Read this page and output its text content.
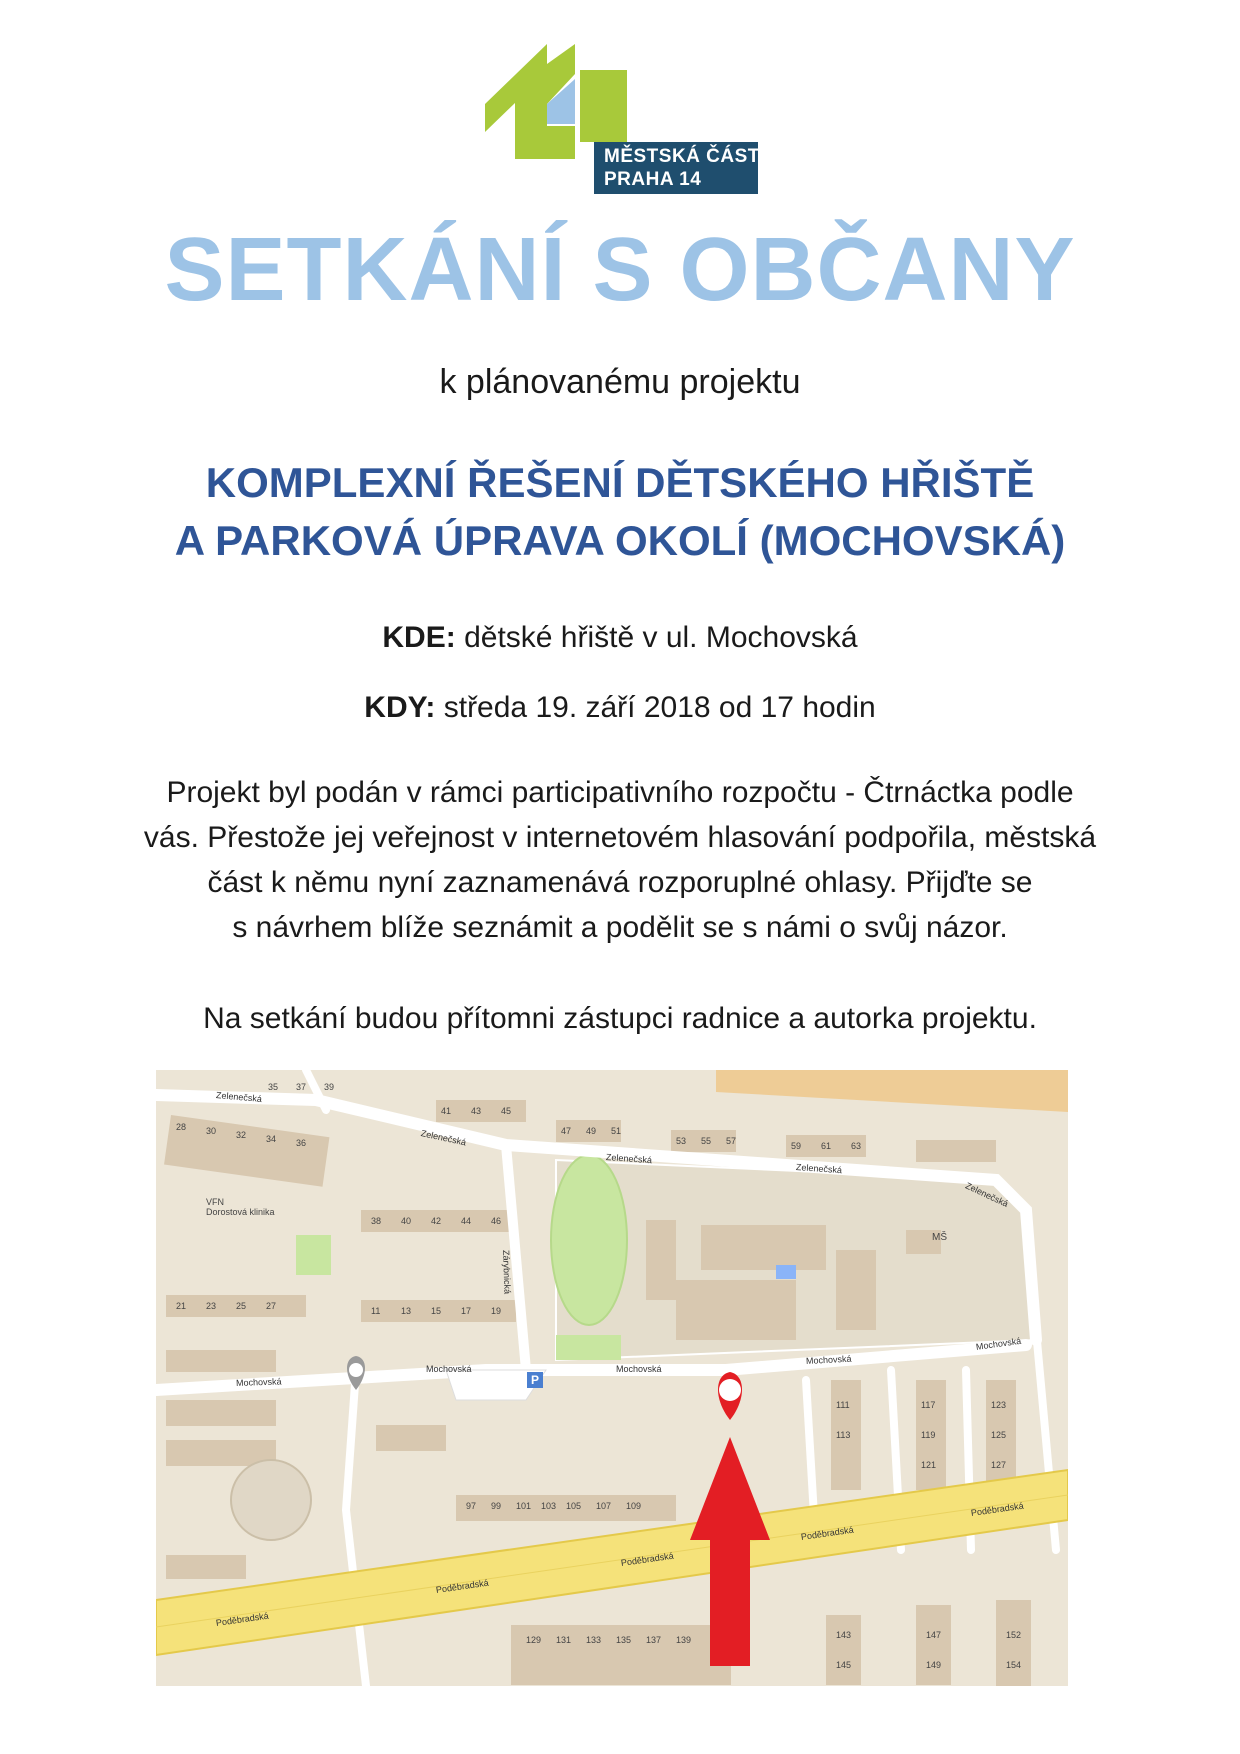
MĚSTSKÁ ČÁST
PRAHA 14
SETKÁNÍ S OBČANY
k plánovanému projektu
KOMPLEXNÍ ŘEŠENÍ DĚTSKÉHO HŘIŠTĚ
A PARKOVÁ ÚPRAVA OKOLÍ (MOCHOVSKÁ)
KDE: dětské hřiště v ul. Mochovská
KDY: středa 19. září 2018 od 17 hodin
Projekt byl podán v rámci participativního rozpočtu - Čtrnáctka podle
vás. Přestože jej veřejnost v internetovém hlasování podpořila, městská
část k němu nyní zaznamenává rozporuplné ohlasy. Přijďte se
s návrhem blíže seznámit a podělit se s námi o svůj názor.
Na setkání budou přítomni zástupci radnice a autorka projektu.
Zelenečská
Zelenečská
Zelenečská
Zelenečská
Zelenečská
Zárybnická
Mochovská
Mochovská	Mochovská
Mochovská
Mochovská
Poděbradská
Poděbradská
Poděbradská
Poděbradská
Poděbradská
VFN
Dorostová klinika
MŠ
P
35 37 39
41 43 45
47 49 51
53 55 57	59 61 63
28 30 32 34 36
38 40 42 44 46
11 13 15 17 19
21 23 25 27
97 99 101 103 105 107 109
111
113
117
119
121
123
125
127
129 131 133 135 137 139	143
145
147
149
152
154
